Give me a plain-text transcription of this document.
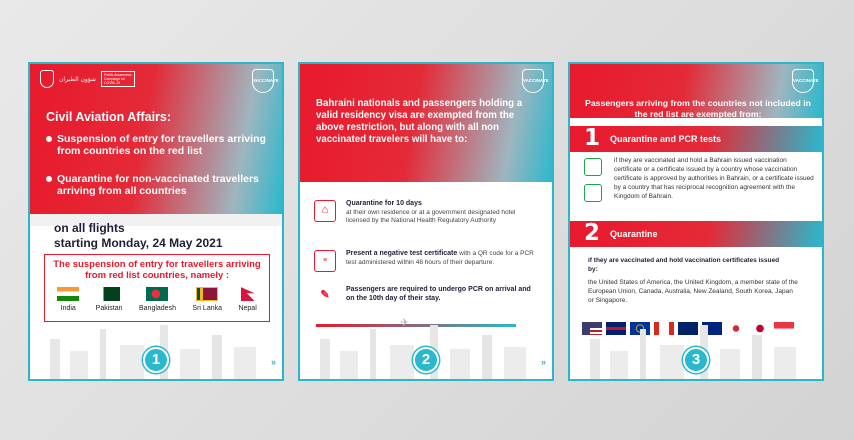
شؤون الطيران
Public Awareness Campaign on COVID-19	VACCINATE
Civil Aviation Affairs:
Suspension of entry for travellers arriving from countries on the red list
Quarantine for non-vaccinated travellers arriving from all countries
on all flights
starting Monday, 24 May 2021
The suspension of entry for travellers arriving from red list countries, namely :
India	Pakistan Bangladesh Sri Lanka Nepal
1	»
VACCINATE
Bahraini nationals and passengers holding a valid residency visa are exempted from the above restriction, but along with all non vaccinated travelers will have to:
⌂
Quarantine for 10 days
at their own residence or at a government designated hotel licensed by the National Health Regulatory Authority
≡
Present a negative test certificate with a QR code for a PCR test administered within 48 hours of their departure.
✎	Passengers are required to undergo PCR on arrival and on the 10th day of their stay.
2	»
VACCINATE
Passengers arriving from the countries not included in the red list are exempted from:
1 Quarantine and PCR tests
if they are vaccinated and hold a Bahrain issued vaccination certificate or a certificate issued by a country whose vaccination certificate is approved by authorities in Bahrain, or a certificate issued by a country that has reciprocal recognition agreement with the Kingdom of Bahrain.
2 Quarantine
if they are vaccinated and hold vaccination certificates issued by:
the United States of America, the United Kingdom, a member state of the European Union, Canada, Australia, New Zealand, South Korea, Japan or Singapore.
3
